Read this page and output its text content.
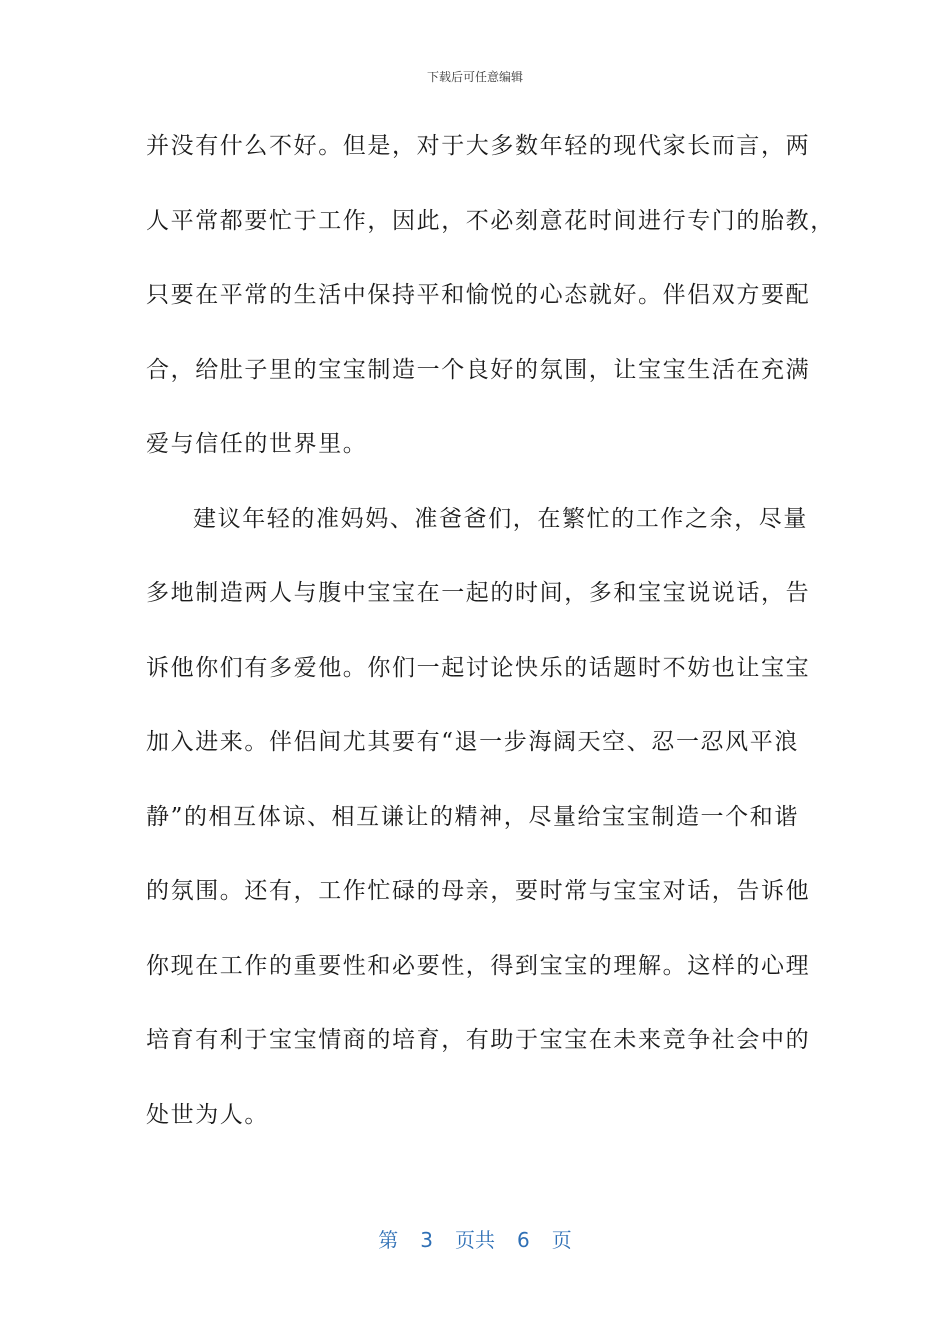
下载后可任意编辑
并没有什么不好。但是，对于大多数年轻的现代家长而言，两
人平常都要忙于工作，因此，不必刻意花时间进行专门的胎教，
只要在平常的生活中保持平和愉悦的心态就好。伴侣双方要配
合，给肚子里的宝宝制造一个良好的氛围，让宝宝生活在充满
爱与信任的世界里。
建议年轻的准妈妈、准爸爸们，在繁忙的工作之余，尽量
多地制造两人与腹中宝宝在一起的时间，多和宝宝说说话，告
诉他你们有多爱他。你们一起讨论快乐的话题时不妨也让宝宝
加入进来。伴侣间尤其要有“退一步海阔天空、忍一忍风平浪
静”的相互体谅、相互谦让的精神，尽量给宝宝制造一个和谐
的氛围。还有，工作忙碌的母亲，要时常与宝宝对话，告诉他
你现在工作的重要性和必要性，得到宝宝的理解。这样的心理
培育有利于宝宝情商的培育，有助于宝宝在未来竞争社会中的
处世为人。
第 3 页共 6 页
